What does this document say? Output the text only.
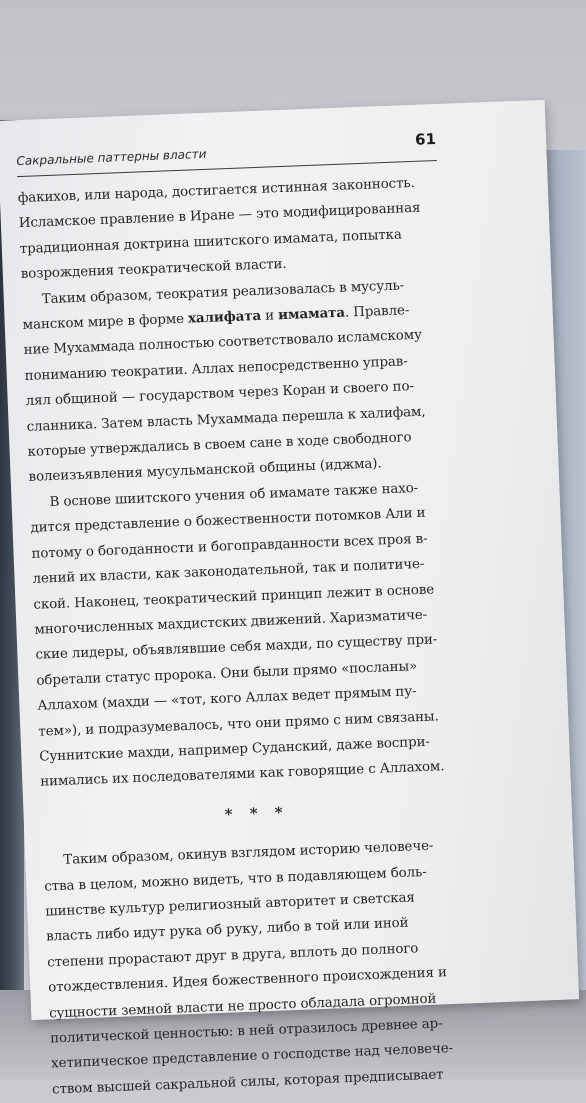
Сакральные паттерны власти
61
факихов, или народа, достигается истинная законность.
Исламское правление в Иране — это модифицированная
традиционная доктрина шиитского имамата, попытка
возрождения теократической власти.
Таким образом, теократия реализовалась в мусуль-
манском мире в форме халифата и имамата. Правле-
ние Мухаммада полностью соответствовало исламскому
пониманию теократии. Аллах непосредственно управ-
лял общиной — государством через Коран и своего по-
сланника. Затем власть Мухаммада перешла к халифам,
которые утверждались в своем сане в ходе свободного
волеизъявления мусульманской общины (иджма).
В основе шиитского учения об имамате также нахо-
дится представление о божественности потомков Али и
потому о богоданности и богоправданности всех проя в-
лений их власти, как законодательной, так и политиче-
ской. Наконец, теократический принцип лежит в основе
многочисленных махдистских движений. Харизматиче-
ские лидеры, объявлявшие себя махди, по существу при-
обретали статус пророка. Они были прямо «посланы»
Аллахом (махди — «тот, кого Аллах ведет прямым пу-
тем»), и подразумевалось, что они прямо с ним связаны.
Суннитские махди, например Суданский, даже воспри-
нимались их последователями как говорящие с Аллахом.
* * *
Таким образом, окинув взглядом историю человече-
ства в целом, можно видеть, что в подавляющем боль-
шинстве культур религиозный авторитет и светская
власть либо идут рука об руку, либо в той или иной
степени прорастают друг в друга, вплоть до полного
отождествления. Идея божественного происхождения и
сущности земной власти не просто обладала огромной
политической ценностью: в ней отразилось древнее ар-
хетипическое представление о господстве над человече-
ством высшей сакральной силы, которая предписывает
